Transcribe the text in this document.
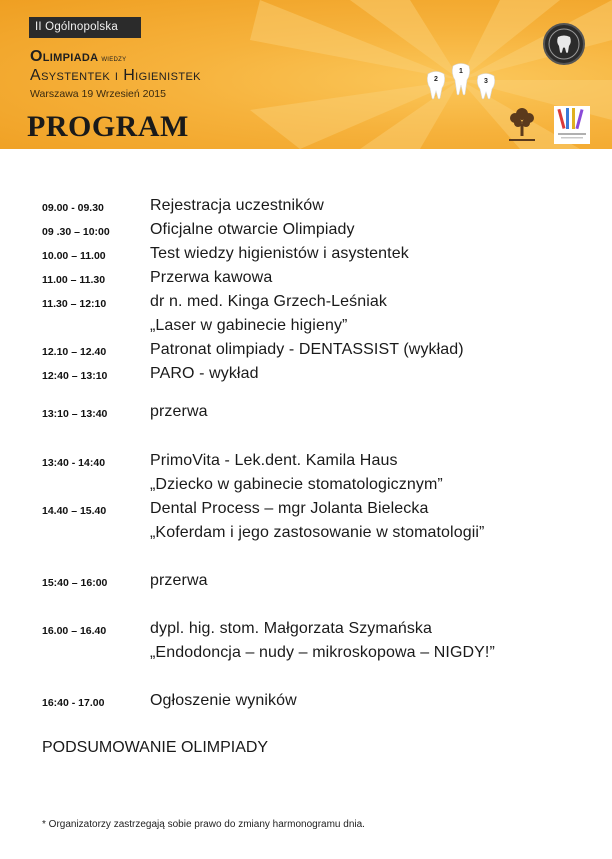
II Ogólnopolska
Olimpiada wiedzy
Asystentek i Higienistek
Warszawa 19 Wrzesień 2015
PROGRAM
2
1
3
09.00 - 09.30	Rejestracja uczestników
09 .30 – 10:00	Oficjalne otwarcie Olimpiady
10.00 – 11.00	Test wiedzy higienistów i asystentek
11.00 – 11.30	Przerwa kawowa
11.30 – 12:10	dr n. med. Kinga Grzech-Leśniak
„Laser w gabinecie higieny”
12.10 – 12.40	Patronat olimpiady - DENTASSIST (wykład)
12:40 – 13:10	PARO - wykład
13:10 – 13:40	przerwa
13:40 - 14:40	PrimoVita - Lek.dent. Kamila Haus
„Dziecko w gabinecie stomatologicznym”
14.40 – 15.40	Dental Process – mgr Jolanta Bielecka
„Koferdam i jego zastosowanie w stomatologii”
15:40 – 16:00	przerwa
16.00 – 16.40	dypl. hig. stom. Małgorzata Szymańska
„Endodoncja – nudy – mikroskopowa – NIGDY!”
16:40 - 17.00	Ogłoszenie wyników
PODSUMOWANIE OLIMPIADY
* Organizatorzy zastrzegają sobie prawo do zmiany harmonogramu dnia.
